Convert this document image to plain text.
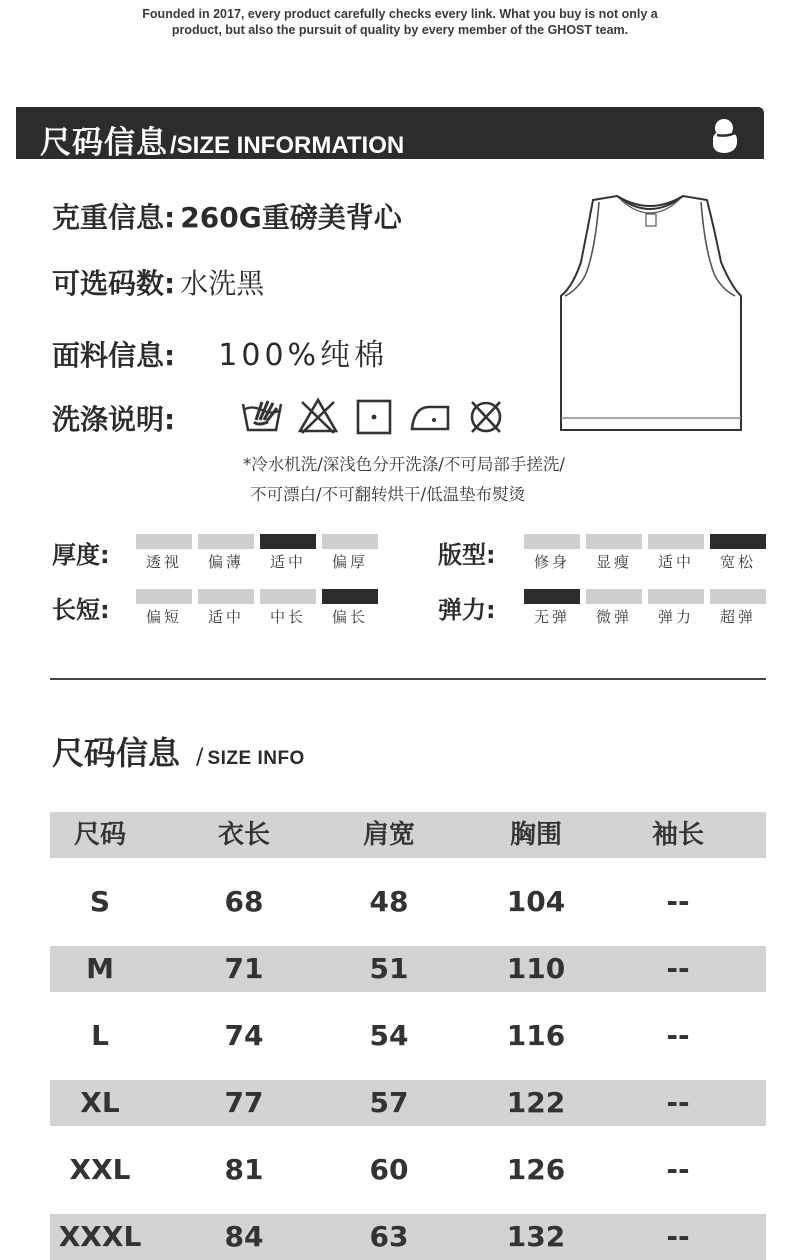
Founded in 2017, every product carefully checks every link. What you buy is not only a
product, but also the pursuit of quality by every member of the GHOST team.
尺码信息/SIZE INFORMATION
克重信息: 260G重磅美背心
可选码数: 水洗黑
面料信息: 100%纯棉
洗涤说明:
*冷水机洗/深浅色分开洗涤/不可局部手搓洗/
不可漂白/不可翻转烘干/低温垫布熨烫
厚度:	透视	偏薄	适中	偏厚	版型:	修身	显瘦	适中	宽松
长短:	偏短	适中	中长	偏长	弹力:	无弹	微弹	弹力	超弹
尺码信息 / SIZE INFO
尺码	衣长	肩宽	胸围	袖长
S	68	48	104	--
M	71	51	110	--
L	74	54	116	--
XL	77	57	122	--
XXL	81	60	126	--
XXXL	84	63	132	--
